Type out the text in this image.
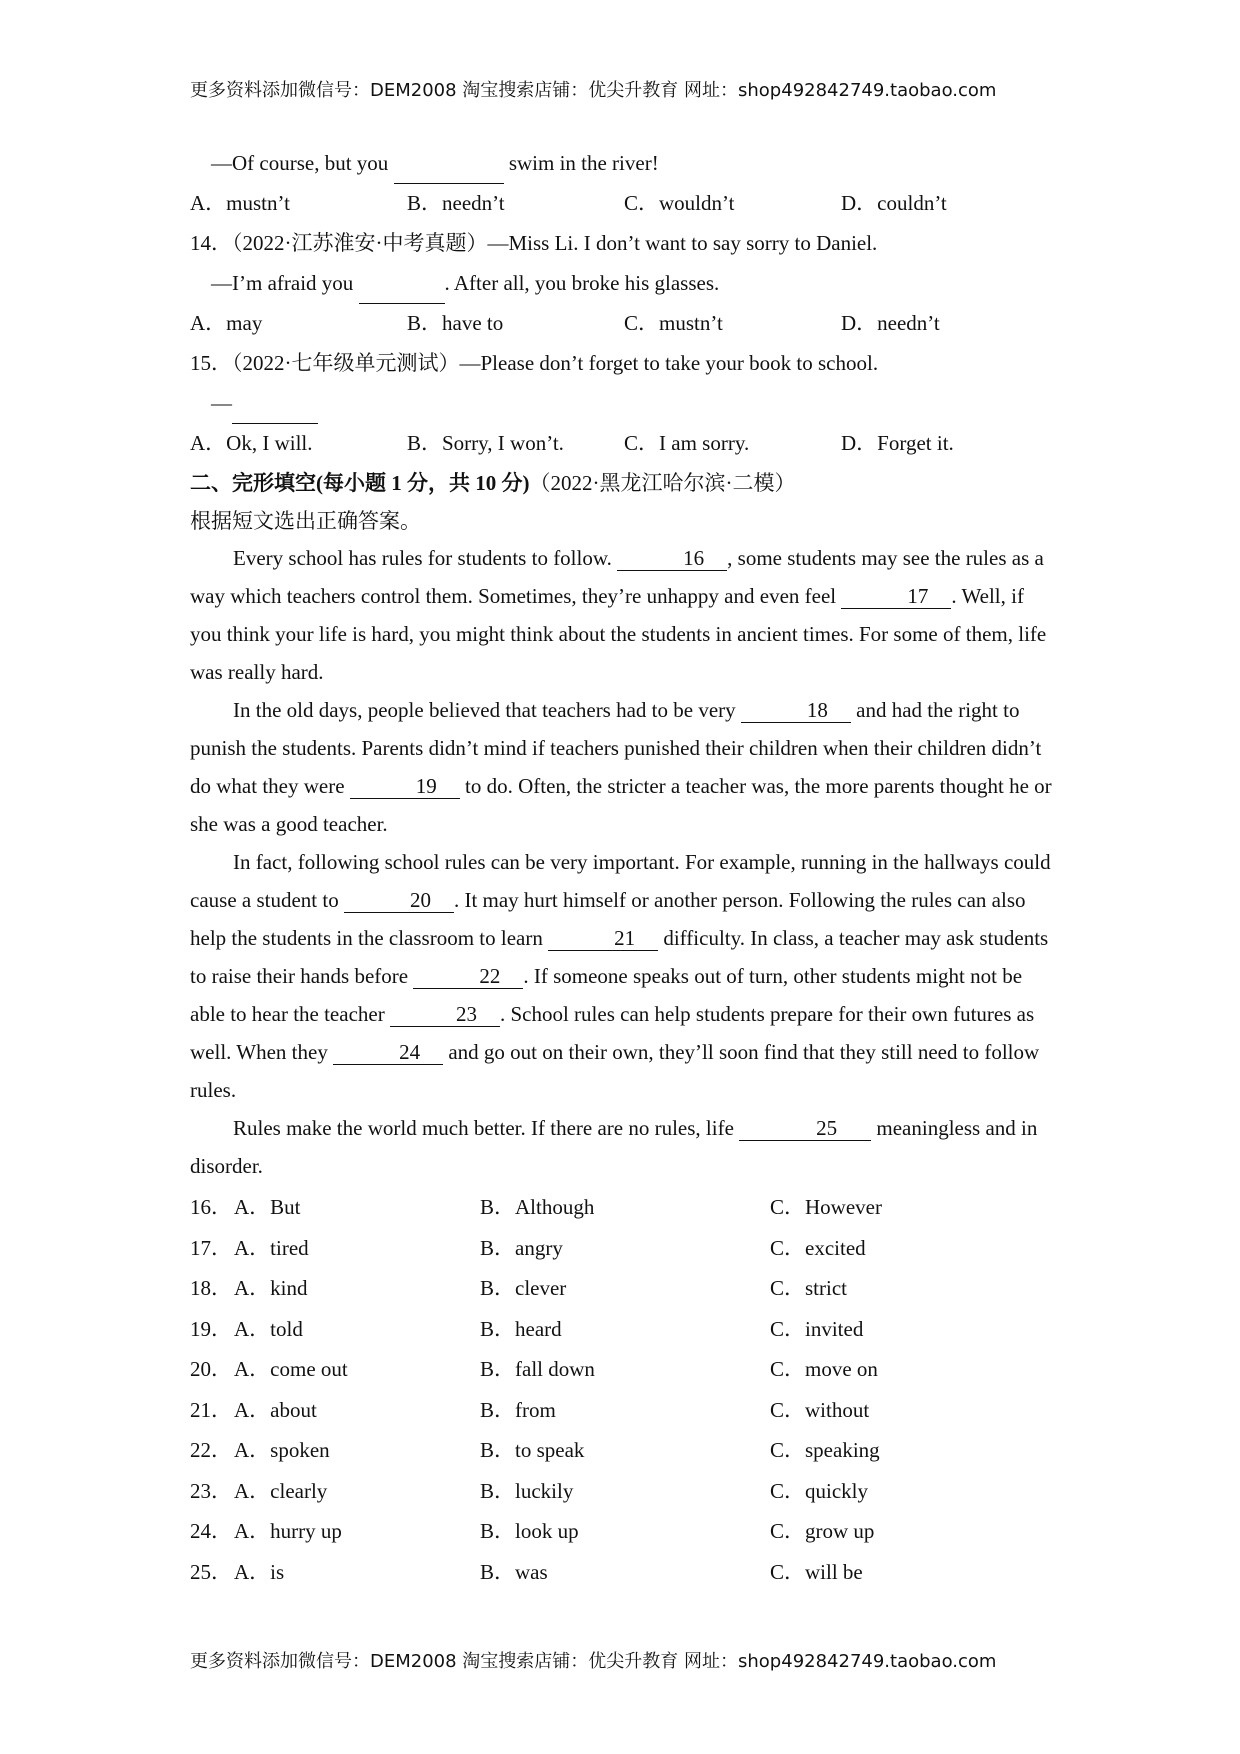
更多资料添加微信号：DEM2008 淘宝搜索店铺：优尖升教育 网址：shop492842749.taobao.com
—Of course, but you	swim in the river!
A．mustn’t	B．needn’t	C．wouldn’t	D．couldn’t
14．（2022·江苏淮安·中考真题）—Miss Li. I don’t want to say sorry to Daniel.
—I’m afraid you	. After all, you broke his glasses.
A．may	B．have to	C．mustn’t	D．needn’t
15．（2022·七年级单元测试）—Please don’t forget to take your book to school.
—
A．Ok, I will.	B．Sorry, I won’t.	C．I am sorry.	D．Forget it.
二、完形填空(每小题 1 分，共 10 分)（2022·黑龙江哈尔滨·二模）
根据短文选出正确答案。

Every school has rules for students to follow.	16 , some students may see the rules as a way which teachers control them. Sometimes, they’re unhappy and even feel	17 . Well, if you think your life is hard, you might think about the students in ancient times. For some of them, life was really hard.

In the old days, people believed that teachers had to be very	18 and had the right to punish the students. Parents didn’t mind if teachers punished their children when their children didn’t do what they were	19 to do. Often, the stricter a teacher was, the more parents thought he or she was a good teacher.

In fact, following school rules can be very important. For example, running in the hallways could cause a student to	20 . It may hurt himself or another person. Following the rules can also help the students in the classroom to learn	21 difficulty. In class, a teacher may ask students to raise their hands before	22 . If someone speaks out of turn, other students might not be able to hear the teacher	23 . School rules can help students prepare for their own futures as well. When they	24 and go out on their own, they’ll soon find that they still need to follow rules.

Rules make the world much better. If there are no rules, life	25 meaningless and in disorder.

16． A．But	B．Although	C．However
17． A．tired	B．angry	C．excited
18． A．kind	B．clever	C．strict
19． A．told	B．heard	C．invited
20． A．come out	B．fall down	C．move on
21． A．about	B．from	C．without
22． A．spoken	B．to speak	C．speaking
23． A．clearly	B．luckily	C．quickly
24． A．hurry up	B．look up	C．grow up
25． A．is	B．was	C．will be
更多资料添加微信号：DEM2008 淘宝搜索店铺：优尖升教育 网址：shop492842749.taobao.com
